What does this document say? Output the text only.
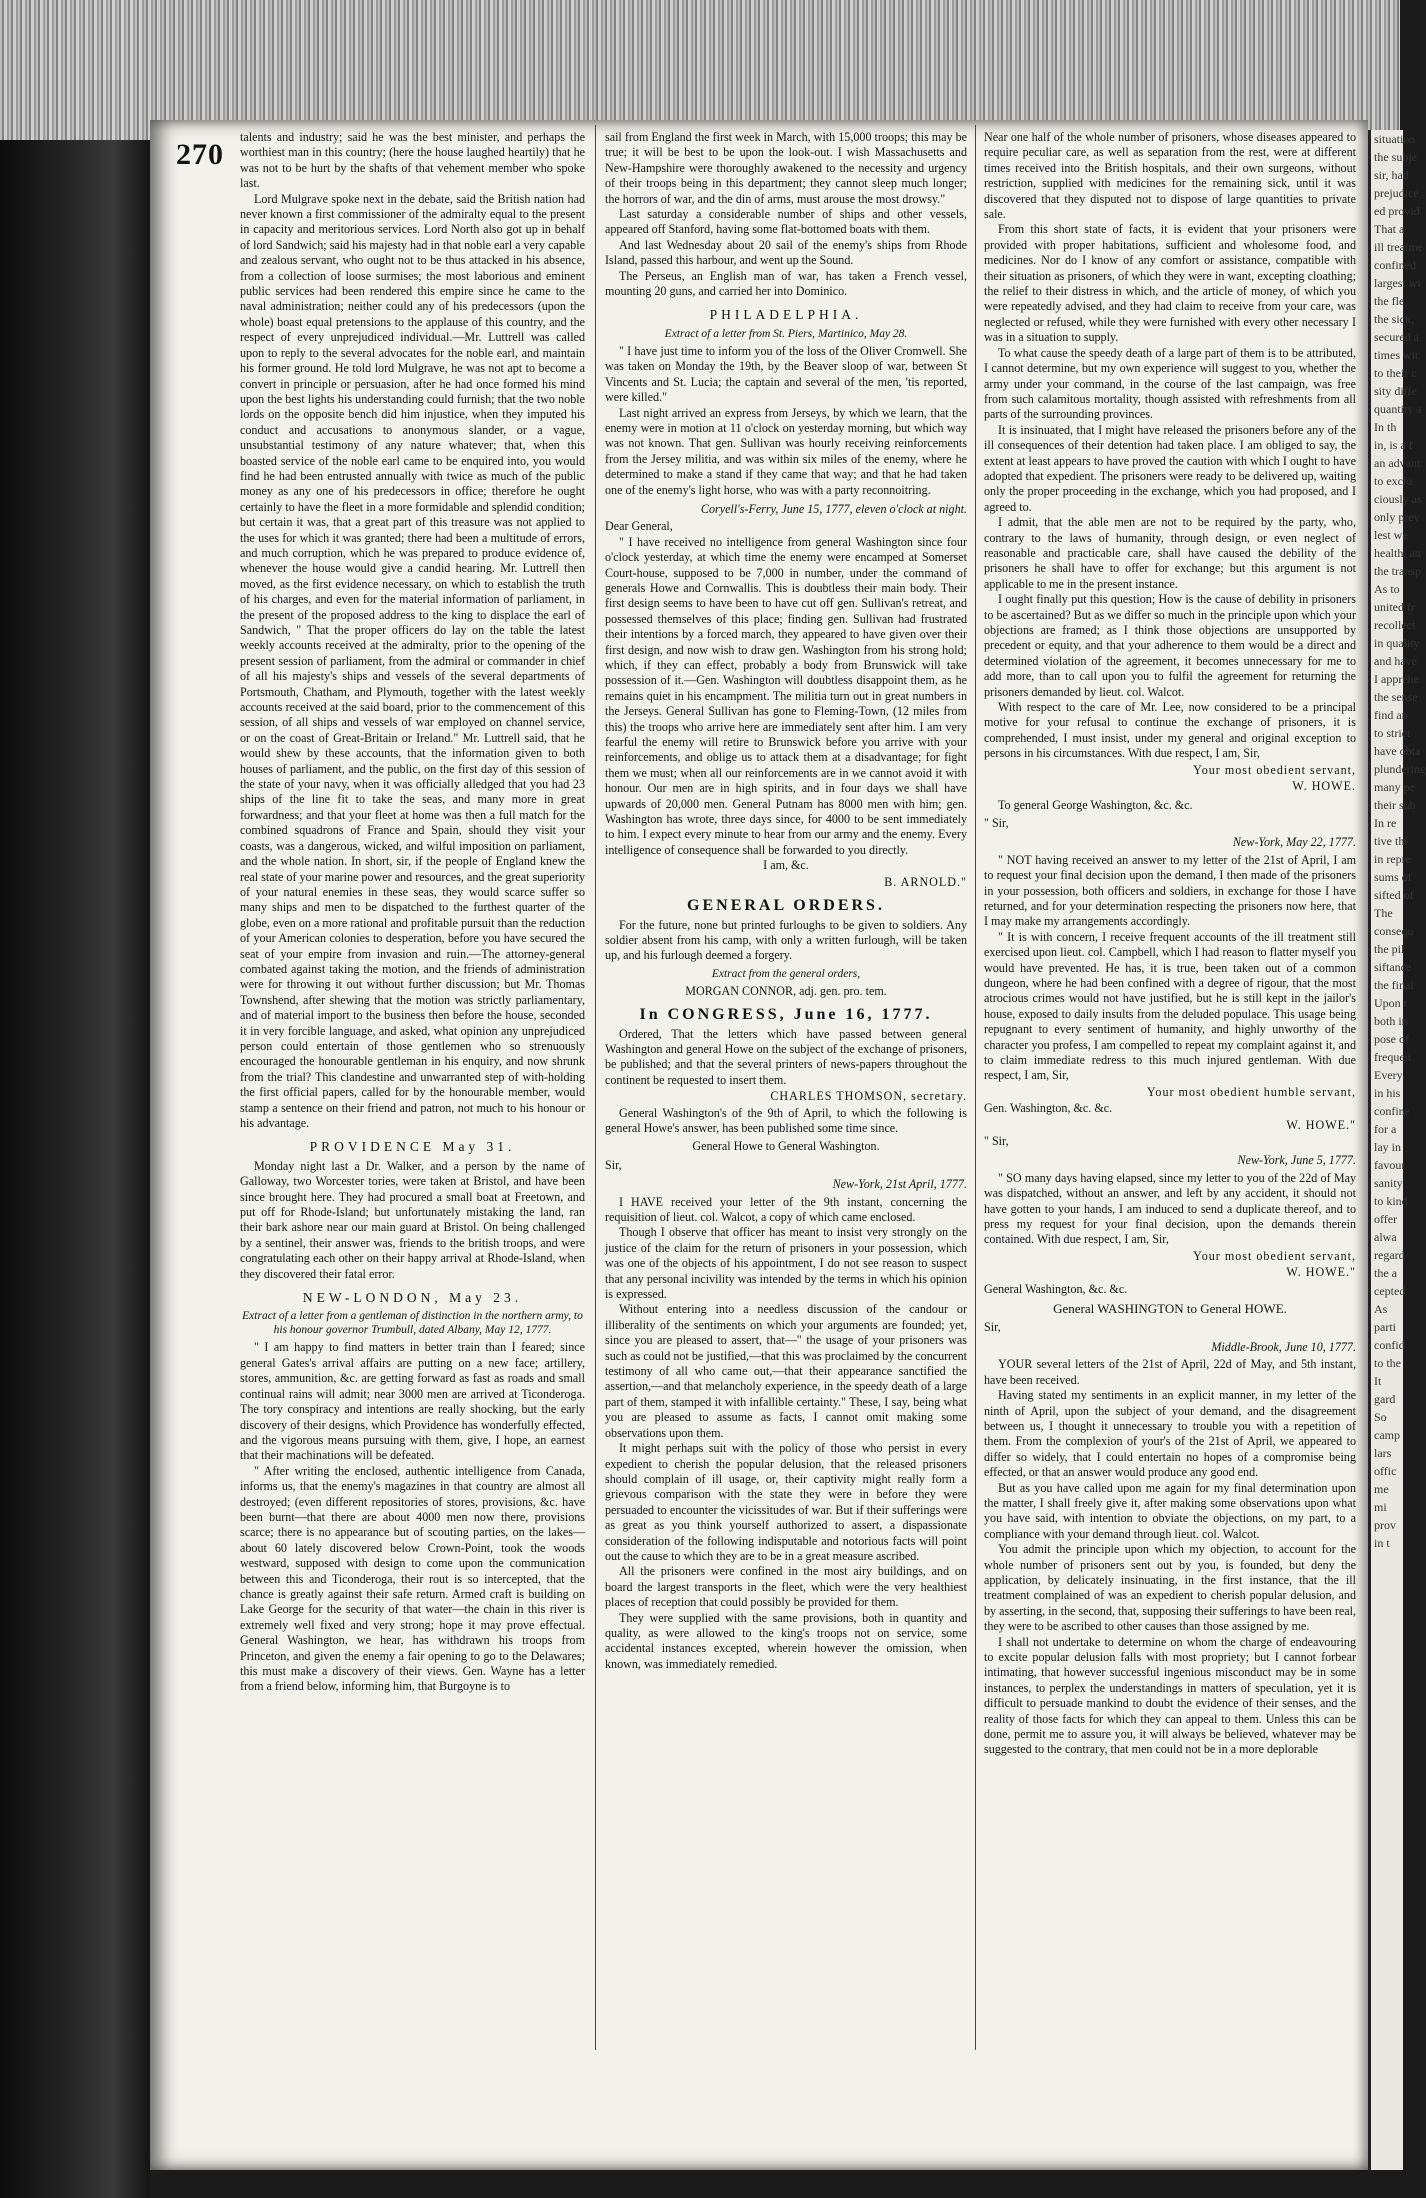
situation
the subje
sir, had
prejudice
ed provid
That a
ill treatme
confined
largest wi
the fle
the sick,
secured a
times wit
to their c
sity diffe
quantity a
In th
in, is a f
an advant
to exclu
ciously as
only prev
lest we
health, an
the transp
As to
united fr
recollect
in quality
and have
I apprehe
the sense
find an
to strict
have obta
plundering
many pe
their sub
In re
tive thi
in repre
sums of
sifted of
The
consequ
the pil
siftance
the final
Upon t
both in
pose of
frequen
Every
in his
confine
for a
lay in
favour
sanity
to kind
offer
alwa
regard
the a
cepted
As
parti
confid
to the
It
gard
So
camp
lars
offic
me
mi
prov
in t
270

talents and industry; said he was the best minister, and perhaps the worthiest man in this country; (here the house laughed heartily) that he was not to be hurt by the shafts of that vehement member who spoke last.

Lord Mulgrave spoke next in the debate, said the British nation had never known a first commissioner of the admiralty equal to the present in capacity and meritorious services. Lord North also got up in behalf of lord Sandwich; said his majesty had in that noble earl a very capable and zealous servant, who ought not to be thus attacked in his absence, from a collection of loose surmises; the most laborious and eminent public services had been rendered this empire since he came to the naval administration; neither could any of his predecessors (upon the whole) boast equal pretensions to the applause of this country, and the respect of every unprejudiced individual.—Mr. Luttrell was called upon to reply to the several advocates for the noble earl, and maintain his former ground. He told lord Mulgrave, he was not apt to become a convert in principle or persuasion, after he had once formed his mind upon the best lights his understanding could furnish; that the two noble lords on the opposite bench did him injustice, when they imputed his conduct and accusations to anonymous slander, or a vague, unsubstantial testimony of any nature whatever; that, when this boasted service of the noble earl came to be enquired into, you would find he had been entrusted annually with twice as much of the public money as any one of his predecessors in office; therefore he ought certainly to have the fleet in a more formidable and splendid condition; but certain it was, that a great part of this treasure was not applied to the uses for which it was granted; there had been a multitude of errors, and much corruption, which he was prepared to produce evidence of, whenever the house would give a candid hearing. Mr. Luttrell then moved, as the first evidence necessary, on which to establish the truth of his charges, and even for the material information of parliament, in the present of the proposed address to the king to displace the earl of Sandwich, " That the proper officers do lay on the table the latest weekly accounts received at the admiralty, prior to the opening of the present session of parliament, from the admiral or commander in chief of all his majesty's ships and vessels of the several departments of Portsmouth, Chatham, and Plymouth, together with the latest weekly accounts received at the said board, prior to the commencement of this session, of all ships and vessels of war employed on channel service, or on the coast of Great-Britain or Ireland." Mr. Luttrell said, that he would shew by these accounts, that the information given to both houses of parliament, and the public, on the first day of this session of the state of your navy, when it was officially alledged that you had 23 ships of the line fit to take the seas, and many more in great forwardness; and that your fleet at home was then a full match for the combined squadrons of France and Spain, should they visit your coasts, was a dangerous, wicked, and wilful imposition on parliament, and the whole nation. In short, sir, if the people of England knew the real state of your marine power and resources, and the great superiority of your natural enemies in these seas, they would scarce suffer so many ships and men to be dispatched to the furthest quarter of the globe, even on a more rational and profitable pursuit than the reduction of your American colonies to desperation, before you have secured the seat of your empire from invasion and ruin.—The attorney-general combated against taking the motion, and the friends of administration were for throwing it out without further discussion; but Mr. Thomas Townshend, after shewing that the motion was strictly parliamentary, and of material import to the business then before the house, seconded it in very forcible language, and asked, what opinion any unprejudiced person could entertain of those gentlemen who so strenuously encouraged the honourable gentleman in his enquiry, and now shrunk from the trial? This clandestine and unwarranted step of with-holding the first official papers, called for by the honourable member, would stamp a sentence on their friend and patron, not much to his honour or his advantage.

PROVIDENCE May 31.

Monday night last a Dr. Walker, and a person by the name of Galloway, two Worcester tories, were taken at Bristol, and have been since brought here. They had procured a small boat at Freetown, and put off for Rhode-Island; but unfortunately mistaking the land, ran their bark ashore near our main guard at Bristol. On being challenged by a sentinel, their answer was, friends to the british troops, and were congratulating each other on their happy arrival at Rhode-Island, when they discovered their fatal error.

NEW-LONDON, May 23.
Extract of a letter from a gentleman of distinction in the northern army, to his honour governor Trumbull, dated Albany, May 12, 1777.

" I am happy to find matters in better train than I feared; since general Gates's arrival affairs are putting on a new face; artillery, stores, ammunition, &c. are getting forward as fast as roads and small continual rains will admit; near 3000 men are arrived at Ticonderoga. The tory conspiracy and intentions are really shocking, but the early discovery of their designs, which Providence has wonderfully effected, and the vigorous means pursuing with them, give, I hope, an earnest that their machinations will be defeated.

" After writing the enclosed, authentic intelligence from Canada, informs us, that the enemy's magazines in that country are almost all destroyed; (even different repositories of stores, provisions, &c. have been burnt—that there are about 4000 men now there, provisions scarce; there is no appearance but of scouting parties, on the lakes—about 60 lately discovered below Crown-Point, took the woods westward, supposed with design to come upon the communication between this and Ticonderoga, their rout is so intercepted, that the chance is greatly against their safe return. Armed craft is building on Lake George for the security of that water—the chain in this river is extremely well fixed and very strong; hope it may prove effectual. General Washington, we hear, has withdrawn his troops from Princeton, and given the enemy a fair opening to go to the Delawares; this must make a discovery of their views. Gen. Wayne has a letter from a friend below, informing him, that Burgoyne is to

sail from England the first week in March, with 15,000 troops; this may be true; it will be best to be upon the look-out. I wish Massachusetts and New-Hampshire were thoroughly awakened to the necessity and urgency of their troops being in this department; they cannot sleep much longer; the horrors of war, and the din of arms, must arouse the most drowsy."

Last saturday a considerable number of ships and other vessels, appeared off Stanford, having some flat-bottomed boats with them.

And last Wednesday about 20 sail of the enemy's ships from Rhode Island, passed this harbour, and went up the Sound.

The Perseus, an English man of war, has taken a French vessel, mounting 20 guns, and carried her into Dominico.

PHILADELPHIA.
Extract of a letter from St. Piers, Martinico, May 28.

" I have just time to inform you of the loss of the Oliver Cromwell. She was taken on Monday the 19th, by the Beaver sloop of war, between St Vincents and St. Lucia; the captain and several of the men, 'tis reported, were killed."

Last night arrived an express from Jerseys, by which we learn, that the enemy were in motion at 11 o'clock on yesterday morning, but which way was not known. That gen. Sullivan was hourly receiving reinforcements from the Jersey militia, and was within six miles of the enemy, where he determined to make a stand if they came that way; and that he had taken one of the enemy's light horse, who was with a party reconnoitring.

Coryell's-Ferry, June 15, 1777, eleven o'clock at night.

Dear General,

" I have received no intelligence from general Washington since four o'clock yesterday, at which time the enemy were encamped at Somerset Court-house, supposed to be 7,000 in number, under the command of generals Howe and Cornwallis. This is doubtless their main body. Their first design seems to have been to have cut off gen. Sullivan's retreat, and possessed themselves of this place; finding gen. Sullivan had frustrated their intentions by a forced march, they appeared to have given over their first design, and now wish to draw gen. Washington from his strong hold; which, if they can effect, probably a body from Brunswick will take possession of it.—Gen. Washington will doubtless disappoint them, as he remains quiet in his encampment. The militia turn out in great numbers in the Jerseys. General Sullivan has gone to Fleming-Town, (12 miles from this) the troops who arrive here are immediately sent after him. I am very fearful the enemy will retire to Brunswick before you arrive with your reinforcements, and oblige us to attack them at a disadvantage; for fight them we must; when all our reinforcements are in we cannot avoid it with honour. Our men are in high spirits, and in four days we shall have upwards of 20,000 men. General Putnam has 8000 men with him; gen. Washington has wrote, three days since, for 4000 to be sent immediately to him. I expect every minute to hear from our army and the enemy. Every intelligence of consequence shall be forwarded to you directly.

I am, &c.
B. ARNOLD."
GENERAL ORDERS.

For the future, none but printed furloughs to be given to soldiers. Any soldier absent from his camp, with only a written furlough, will be taken up, and his furlough deemed a forgery.

Extract from the general orders,
MORGAN CONNOR, adj. gen. pro. tem.
In CONGRESS, June 16, 1777.

Ordered, That the letters which have passed between general Washington and general Howe on the subject of the exchange of prisoners, be published; and that the several printers of news-papers throughout the continent be requested to insert them.

CHARLES THOMSON, secretary.

General Washington's of the 9th of April, to which the following is general Howe's answer, has been published some time since.

General Howe to General Washington.

Sir,

New-York, 21st April, 1777.

I HAVE received your letter of the 9th instant, concerning the requisition of lieut. col. Walcot, a copy of which came enclosed.

Though I observe that officer has meant to insist very strongly on the justice of the claim for the return of prisoners in your possession, which was one of the objects of his appointment, I do not see reason to suspect that any personal incivility was intended by the terms in which his opinion is expressed.

Without entering into a needless discussion of the candour or illiberality of the sentiments on which your arguments are founded; yet, since you are pleased to assert, that—" the usage of your prisoners was such as could not be justified,—that this was proclaimed by the concurrent testimony of all who came out,—that their appearance sanctified the assertion,—and that melancholy experience, in the speedy death of a large part of them, stamped it with infallible certainty." These, I say, being what you are pleased to assume as facts, I cannot omit making some observations upon them.

It might perhaps suit with the policy of those who persist in every expedient to cherish the popular delusion, that the released prisoners should complain of ill usage, or, their captivity might really form a grievous comparison with the state they were in before they were persuaded to encounter the vicissitudes of war. But if their sufferings were as great as you think yourself authorized to assert, a dispassionate consideration of the following indisputable and notorious facts will point out the cause to which they are to be in a great measure ascribed.

All the prisoners were confined in the most airy buildings, and on board the largest transports in the fleet, which were the very healthiest places of reception that could possibly be provided for them.

They were supplied with the same provisions, both in quantity and quality, as were allowed to the king's troops not on service, some accidental instances excepted, wherein however the omission, when known, was immediately remedied.

Near one half of the whole number of prisoners, whose diseases appeared to require peculiar care, as well as separation from the rest, were at different times received into the British hospitals, and their own surgeons, without restriction, supplied with medicines for the remaining sick, until it was discovered that they disputed not to dispose of large quantities to private sale.

From this short state of facts, it is evident that your prisoners were provided with proper habitations, sufficient and wholesome food, and medicines. Nor do I know of any comfort or assistance, compatible with their situation as prisoners, of which they were in want, excepting cloathing; the relief to their distress in which, and the article of money, of which you were repeatedly advised, and they had claim to receive from your care, was neglected or refused, while they were furnished with every other necessary I was in a situation to supply.

To what cause the speedy death of a large part of them is to be attributed, I cannot determine, but my own experience will suggest to you, whether the army under your command, in the course of the last campaign, was free from such calamitous mortality, though assisted with refreshments from all parts of the surrounding provinces.

It is insinuated, that I might have released the prisoners before any of the ill consequences of their detention had taken place. I am obliged to say, the extent at least appears to have proved the caution with which I ought to have adopted that expedient. The prisoners were ready to be delivered up, waiting only the proper proceeding in the exchange, which you had proposed, and I agreed to.

I admit, that the able men are not to be required by the party, who, contrary to the laws of humanity, through design, or even neglect of reasonable and practicable care, shall have caused the debility of the prisoners he shall have to offer for exchange; but this argument is not applicable to me in the present instance.

I ought finally put this question; How is the cause of debility in prisoners to be ascertained? But as we differ so much in the principle upon which your objections are framed; as I think those objections are unsupported by precedent or equity, and that your adherence to them would be a direct and determined violation of the agreement, it becomes unnecessary for me to add more, than to call upon you to fulfil the agreement for returning the prisoners demanded by lieut. col. Walcot.

With respect to the care of Mr. Lee, now considered to be a principal motive for your refusal to continue the exchange of prisoners, it is comprehended, I must insist, under my general and original exception to persons in his circumstances. With due respect, I am, Sir,

Your most obedient servant,
W. HOWE.
To general George Washington, &c. &c.

" Sir,

New-York, May 22, 1777.

" NOT having received an answer to my letter of the 21st of April, I am to request your final decision upon the demand, I then made of the prisoners in your possession, both officers and soldiers, in exchange for those I have returned, and for your determination respecting the prisoners now here, that I may make my arrangements accordingly.

" It is with concern, I receive frequent accounts of the ill treatment still exercised upon lieut. col. Campbell, which I had reason to flatter myself you would have prevented. He has, it is true, been taken out of a common dungeon, where he had been confined with a degree of rigour, that the most atrocious crimes would not have justified, but he is still kept in the jailor's house, exposed to daily insults from the deluded populace. This usage being repugnant to every sentiment of humanity, and highly unworthy of the character you profess, I am compelled to repeat my complaint against it, and to claim immediate redress to this much injured gentleman. With due respect, I am, Sir,

Your most obedient humble servant,

Gen. Washington, &c. &c.

W. HOWE."

" Sir,

New-York, June 5, 1777.

" SO many days having elapsed, since my letter to you of the 22d of May was dispatched, without an answer, and left by any accident, it should not have gotten to your hands, I am induced to send a duplicate thereof, and to press my request for your final decision, upon the demands therein contained. With due respect, I am, Sir,

Your most obedient servant,
W. HOWE."

General Washington, &c. &c.

General WASHINGTON to General HOWE.

Sir,

Middle-Brook, June 10, 1777.

YOUR several letters of the 21st of April, 22d of May, and 5th instant, have been received.

Having stated my sentiments in an explicit manner, in my letter of the ninth of April, upon the subject of your demand, and the disagreement between us, I thought it unnecessary to trouble you with a repetition of them. From the complexion of your's of the 21st of April, we appeared to differ so widely, that I could entertain no hopes of a compromise being effected, or that an answer would produce any good end.

But as you have called upon me again for my final determination upon the matter, I shall freely give it, after making some observations upon what you have said, with intention to obviate the objections, on my part, to a compliance with your demand through lieut. col. Walcot.

You admit the principle upon which my objection, to account for the whole number of prisoners sent out by you, is founded, but deny the application, by delicately insinuating, in the first instance, that the ill treatment complained of was an expedient to cherish popular delusion, and by asserting, in the second, that, supposing their sufferings to have been real, they were to be ascribed to other causes than those assigned by me.

I shall not undertake to determine on whom the charge of endeavouring to excite popular delusion falls with most propriety; but I cannot forbear intimating, that however successful ingenious misconduct may be in some instances, to perplex the understandings in matters of speculation, yet it is difficult to persuade mankind to doubt the evidence of their senses, and the reality of those facts for which they can appeal to them. Unless this can be done, permit me to assure you, it will always be believed, whatever may be suggested to the contrary, that men could not be in a more deplorable
